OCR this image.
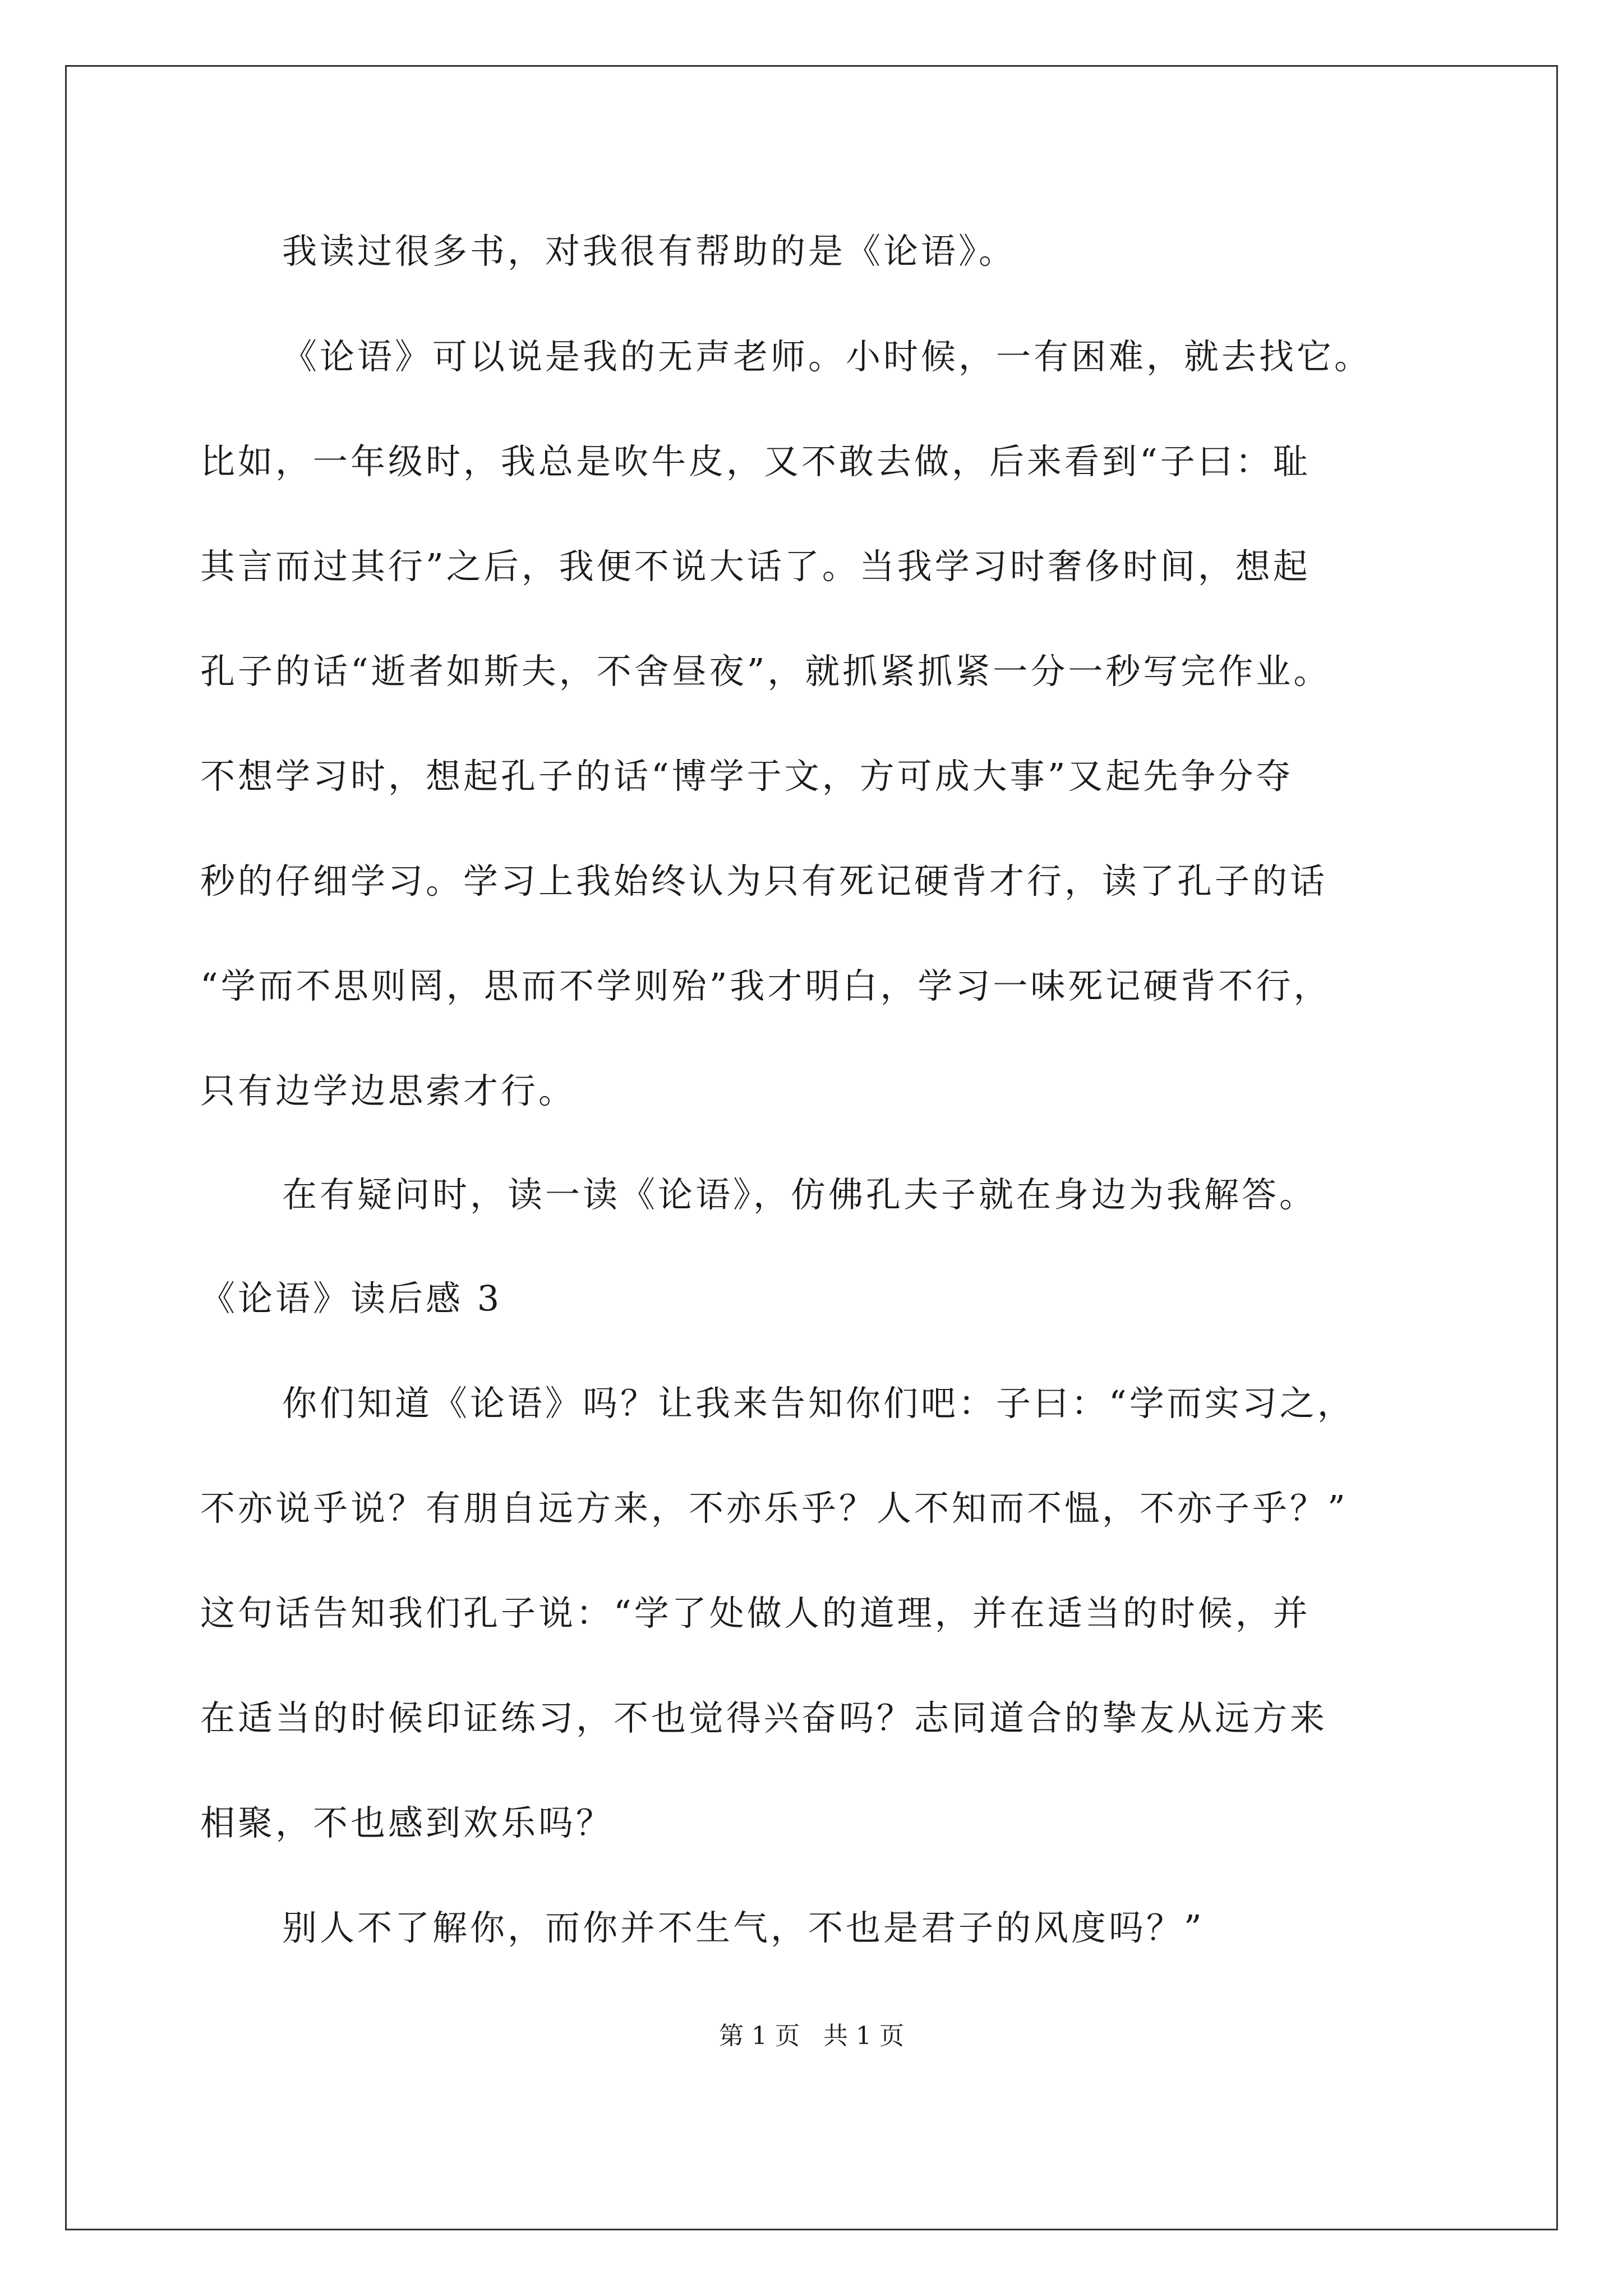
我读过很多书，对我很有帮助的是《论语》。
《论语》可以说是我的无声老师。小时候，一有困难，就去找它。
比如，一年级时，我总是吹牛皮，又不敢去做，后来看到“子曰：耻
其言而过其行”之后，我便不说大话了。当我学习时奢侈时间，想起
孔子的话“逝者如斯夫，不舍昼夜”，就抓紧抓紧一分一秒写完作业。
不想学习时，想起孔子的话“博学于文，方可成大事”又起先争分夺
秒的仔细学习。学习上我始终认为只有死记硬背才行，读了孔子的话
“学而不思则罔，思而不学则殆”我才明白，学习一味死记硬背不行，
只有边学边思索才行。
在有疑问时，读一读《论语》，仿佛孔夫子就在身边为我解答。
《论语》读后感 3
你们知道《论语》吗？让我来告知你们吧：子曰：“学而实习之，
不亦说乎说？有朋自远方来，不亦乐乎？人不知而不愠，不亦子乎？”
这句话告知我们孔子说：“学了处做人的道理，并在适当的时候，并
在适当的时候印证练习，不也觉得兴奋吗？志同道合的挚友从远方来
相聚，不也感到欢乐吗？
别人不了解你，而你并不生气，不也是君子的风度吗？”
第 1 页   共 1 页
